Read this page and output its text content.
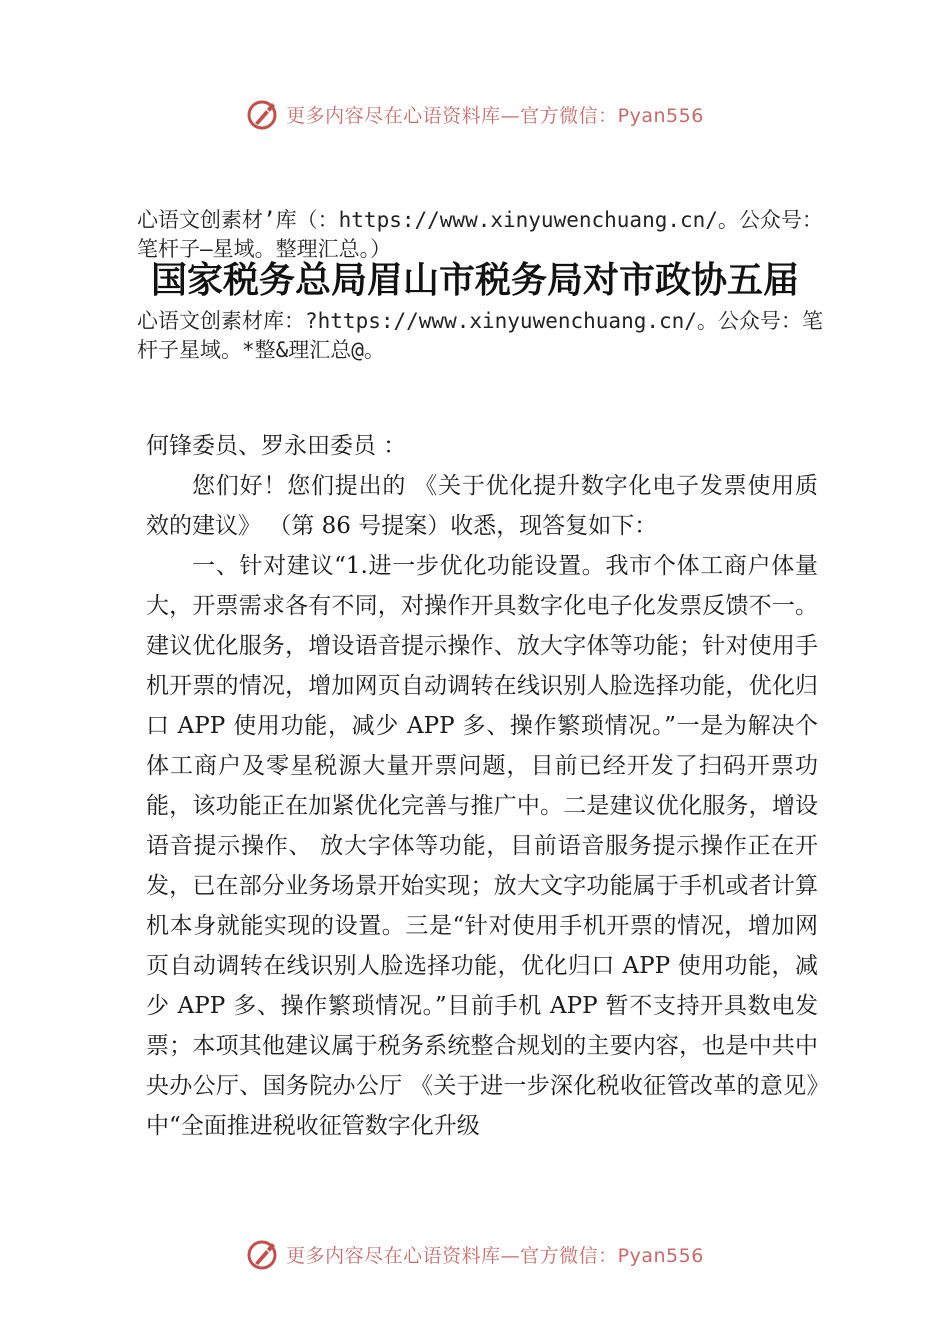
更多内容尽在心语资料库—官方微信：Pyan556
心语文创素材’库（：https://www.xinyuwenchuang.cn/。公众号：笔杆子—星域。整理汇总。）
国家税务总局眉山市税务局对市政协五届
心语文创素材库：?https://www.xinyuwenchuang.cn/。公众号：笔杆子星域。*整&理汇总@。

何锋委员、罗永田委员 ：

您们好！您们提出的 《关于优化提升数字化电子发票使用质效的建议》 （第 86 号提案）收悉，现答复如下：

一、针对建议“1.进一步优化功能设置。我市个体工商户体量大，开票需求各有不同，对操作开具数字化电子化发票反馈不一。建议优化服务，增设语音提示操作、放大字体等功能；针对使用手机开票的情况，增加网页自动调转在线识别人脸选择功能，优化归口 APP 使用功能，减少 APP 多、操作繁琐情况。”一是为解决个体工商户及零星税源大量开票问题，目前已经开发了扫码开票功能，该功能正在加紧优化完善与推广中。二是建议优化服务，增设语音提示操作、 放大字体等功能，目前语音服务提示操作正在开发，已在部分业务场景开始实现；放大文字功能属于手机或者计算机本身就能实现的设置。三是“针对使用手机开票的情况，增加网页自动调转在线识别人脸选择功能，优化归口 APP 使用功能，减少 APP 多、操作繁琐情况。”目前手机 APP 暂不支持开具数电发票；本项其他建议属于税务系统整合规划的主要内容，也是中共中央办公厅、国务院办公厅 《关于进一步深化税收征管改革的意见》中“全面推进税收征管数字化升级

更多内容尽在心语资料库—官方微信：Pyan556
